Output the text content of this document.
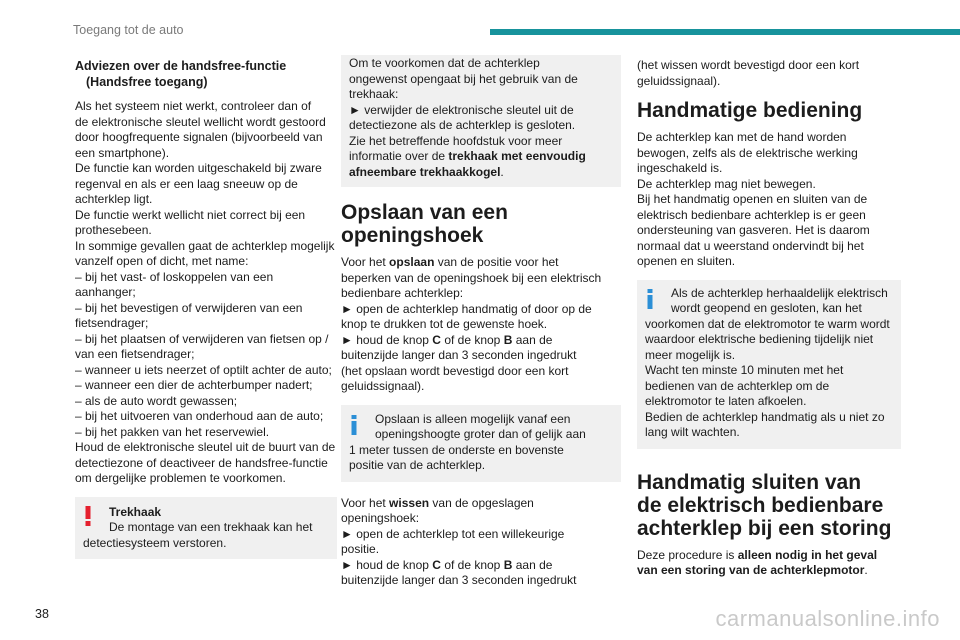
Toegang tot de auto
Adviezen over de handsfree-functie
(Handsfree toegang)
Als het systeem niet werkt, controleer dan of
de elektronische sleutel wellicht wordt gestoord
door hoogfrequente signalen (bijvoorbeeld van
een smartphone).
De functie kan worden uitgeschakeld bij zware
regenval en als er een laag sneeuw op de
achterklep ligt.
De functie werkt wellicht niet correct bij een
prothesebeen.
In sommige gevallen gaat de achterklep mogelijk
vanzelf open of dicht, met name:
– bij het vast- of loskoppelen van een
aanhanger;
– bij het bevestigen of verwijderen van een
fietsendrager;
– bij het plaatsen of verwijderen van fietsen op /
van een fietsendrager;
– wanneer u iets neerzet of optilt achter de auto;
– wanneer een dier de achterbumper nadert;
– als de auto wordt gewassen;
– bij het uitvoeren van onderhoud aan de auto;
– bij het pakken van het reservewiel.
Houd de elektronische sleutel uit de buurt van de
detectiezone of deactiveer de handsfree-functie
om dergelijke problemen te voorkomen.
Trekhaak
De montage van een trekhaak kan het
detectiesysteem verstoren.
Om te voorkomen dat de achterklep
ongewenst opengaat bij het gebruik van de
trekhaak:
► verwijder de elektronische sleutel uit de
detectiezone als de achterklep is gesloten.
Zie het betreffende hoofdstuk voor meer
informatie over de trekhaak met eenvoudig
afneembare trekhaakkogel.
Opslaan van een
openingshoek
Voor het opslaan van de positie voor het
beperken van de openingshoek bij een elektrisch
bedienbare achterklep:
► open de achterklep handmatig of door op de
knop te drukken tot de gewenste hoek.
► houd de knop C of de knop B aan de
buitenzijde langer dan 3 seconden ingedrukt
(het opslaan wordt bevestigd door een kort
geluidssignaal).
Opslaan is alleen mogelijk vanaf een
openingshoogte groter dan of gelijk aan
1 meter tussen de onderste en bovenste
positie van de achterklep.
Voor het wissen van de opgeslagen
openingshoek:
► open de achterklep tot een willekeurige
positie.
► houd de knop C of de knop B aan de
buitenzijde langer dan 3 seconden ingedrukt
(het wissen wordt bevestigd door een kort
geluidssignaal).
Handmatige bediening
De achterklep kan met de hand worden
bewogen, zelfs als de elektrische werking
ingeschakeld is.
De achterklep mag niet bewegen.
Bij het handmatig openen en sluiten van de
elektrisch bedienbare achterklep is er geen
ondersteuning van gasveren. Het is daarom
normaal dat u weerstand ondervindt bij het
openen en sluiten.
Als de achterklep herhaaldelijk elektrisch
wordt geopend en gesloten, kan het
voorkomen dat de elektromotor te warm wordt
waardoor elektrische bediening tijdelijk niet
meer mogelijk is.
Wacht ten minste 10 minuten met het
bedienen van de achterklep om de
elektromotor te laten afkoelen.
Bedien de achterklep handmatig als u niet zo
lang wilt wachten.
Handmatig sluiten van
de elektrisch bedienbare
achterklep bij een storing
Deze procedure is alleen nodig in het geval
van een storing van de achterklepmotor.
38	carmanualsonline.info
